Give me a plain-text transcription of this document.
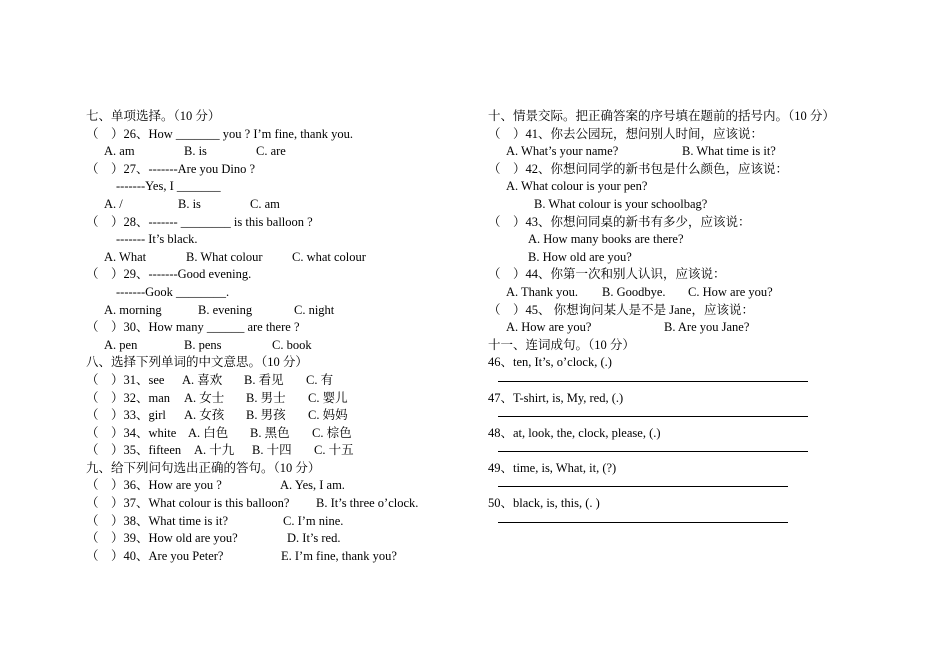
七、单项选择。（10 分）
（　）26、How _______ you ? I’m fine, thank you.
A. am	B. is	C. are
（　）27、-------Are you Dino ?
-------Yes, I _______
A. /	B. is	C. am
（　）28、------- ________ is this balloon ?
------- It’s black.
A. What	B. What colour C. what colour
（　）29、-------Good evening.
-------Gook ________.
A. morning	B. evening	C. night
（　）30、How many ______ are there ?
A. pen	B. pens	C. book
八、选择下列单词的中文意思。（10 分）
（　）31、see A. 喜欢 B. 看见 C. 有
（　）32、man A. 女士 B. 男士 C. 婴儿
（　）33、girl A. 女孩 B. 男孩 C. 妈妈
（　）34、white A. 白色 B. 黑色 C. 棕色
（　）35、fifteen A. 十九 B. 十四 C. 十五
九、给下列问句选出正确的答句。（10 分）
（　）36、How are you ?	A. Yes, I am.
（　）37、What colour is this balloon? B. It’s three o’clock.
（　）38、What time is it?	C. I’m nine.
（　）39、How old are you?	D. It’s red.
（　）40、Are you Peter?	E. I’m fine, thank you?
十、情景交际。把正确答案的序号填在题前的括号内。（10 分）
（　）41、你去公园玩，想问别人时间，应该说：
A. What’s your name?	B. What time is it?
（　）42、你想问同学的新书包是什么颜色，应该说：
A. What colour is your pen?
B. What colour is your schoolbag?
（　）43、你想问同桌的新书有多少，应该说：
A. How many books are there?
B. How old are you?
（　）44、你第一次和别人认识，应该说：
A. Thank you. B. Goodbye. C. How are you?
（　）45、 你想询问某人是不是 Jane，应该说：
A. How are you?	B. Are you Jane?
十一、连词成句。（10 分）
46、ten, It’s, o’clock, (.)
47、T-shirt, is, My, red, (.)
48、at, look, the, clock, please, (.)
49、time, is, What, it, (?)
50、black, is, this, (. )
